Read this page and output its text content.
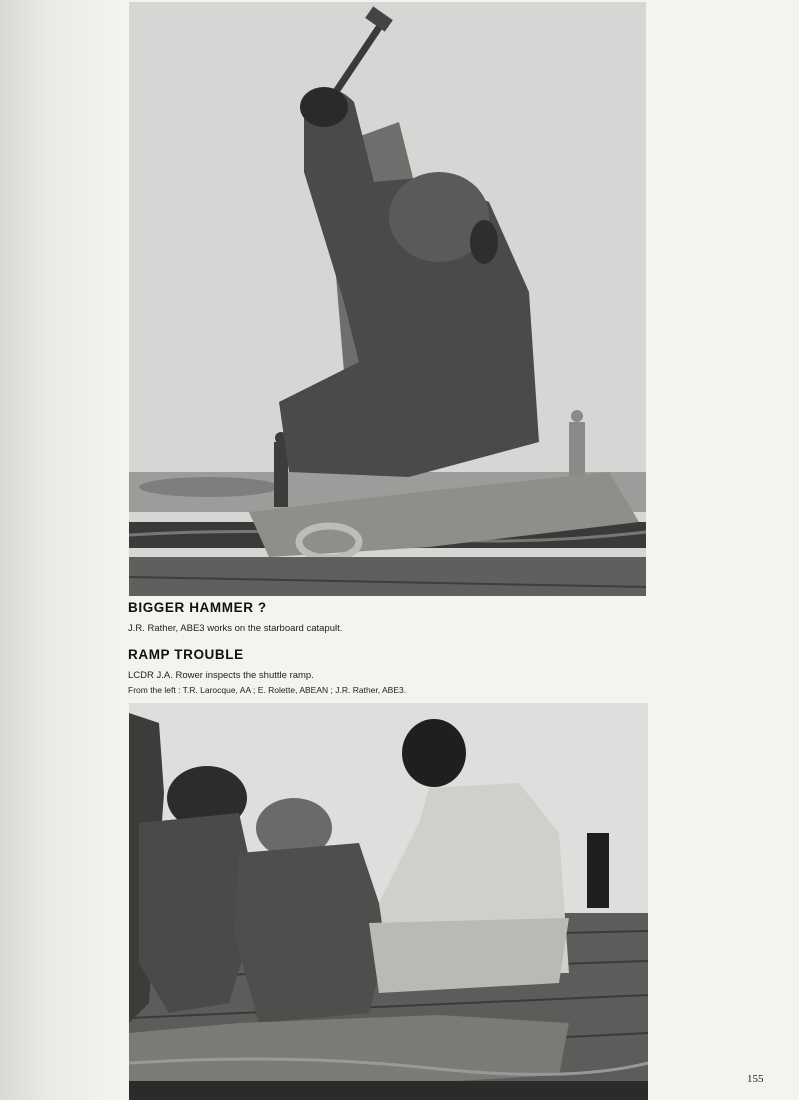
BIGGER HAMMER ?
J.R. Rather, ABE3 works on the starboard catapult.
RAMP TROUBLE
LCDR J.A. Rower inspects the shuttle ramp.
From the left : T.R. Larocque, AA ; E. Rolette, ABEAN ; J.R. Rather, ABE3.
155
